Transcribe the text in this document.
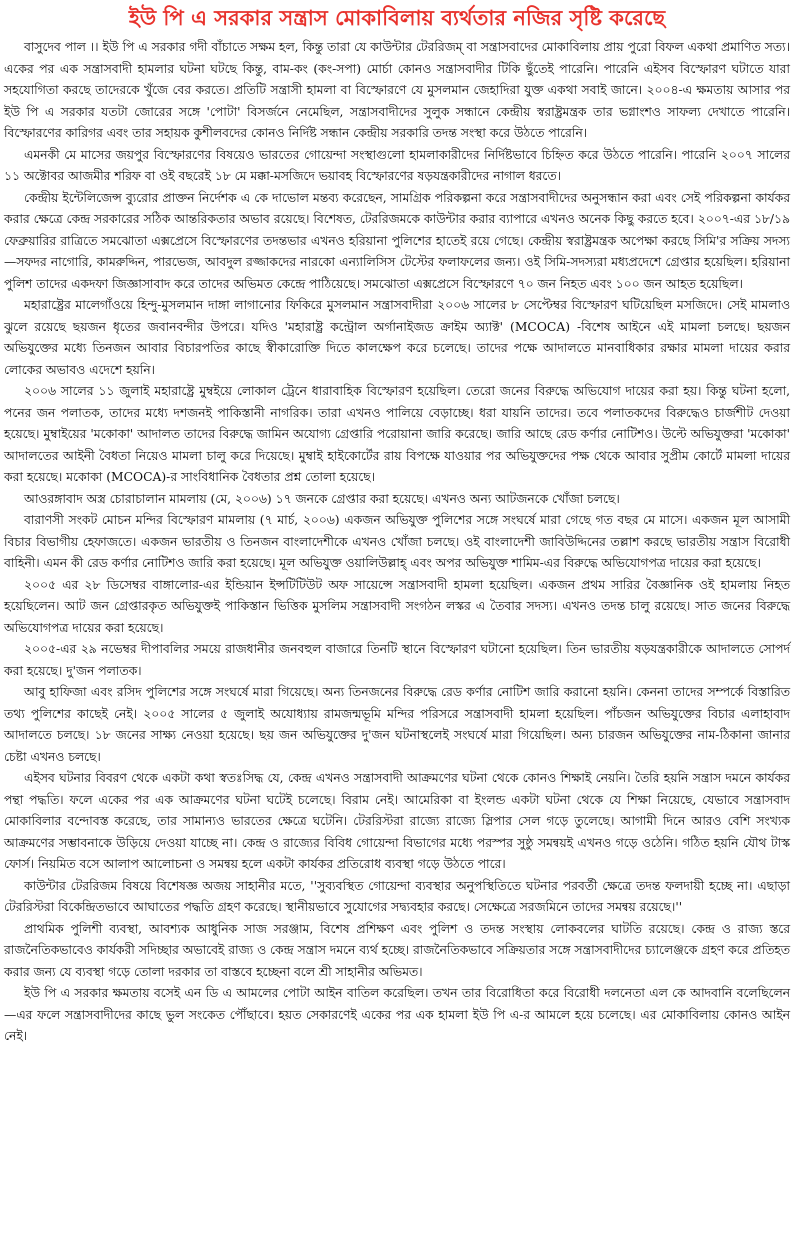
ইউ পি এ সরকার সন্ত্রাস মোকাবিলায় ব্যর্থতার নজির সৃষ্টি করেছে

বাসুদেব পাল ।। ইউ পি এ সরকার গদী বাঁচাতে সক্ষম হল, কিন্তু তারা যে কাউন্টার টেররিজম্ বা সন্ত্রাসবাদের মোকাবিলায় প্রায় পুরো বিফল একথা প্রমাণিত সত্য। একের পর এক সন্ত্রাসবাদী হামলার ঘটনা ঘটছে কিন্তু, বাম-কং (কং-সপা) মোর্চা কোনও সন্ত্রাসবাদীর টিকি ছুঁতেই পারেনি। পারেনি এইসব বিস্ফোরণ ঘটাতে যারা সহযোগিতা করছে তাদেরকে খুঁজে বের করতে। প্রতিটি সন্ত্রাসী হামলা বা বিস্ফোরণে যে মুসলমান জেহাদিরা যুক্ত একথা সবাই জানে। ২০০৪-এ ক্ষমতায় আসার পর ইউ পি এ সরকার যতটা জোরের সঙ্গে 'পোটা' বিসর্জনে নেমেছিল, সন্ত্রাসবাদীদের সুলুক সন্ধানে কেন্দ্রীয় স্বরাষ্ট্রমন্ত্রক তার ভগ্নাংশও সাফল্য দেখাতে পারেনি। বিস্ফোরণের কারিগর এবং তার সহায়ক কুশীলবদের কোনও নির্দিষ্ট সন্ধান কেন্দ্রীয় সরকারি তদন্ত সংস্থা করে উঠতে পারেনি।

এমনকী মে মাসের জয়পুর বিস্ফোরণের বিষয়েও ভারতের গোয়েন্দা সংস্থাগুলো হামলাকারীদের নির্দিষ্টভাবে চিহ্নিত করে উঠতে পারেনি। পারেনি ২০০৭ সালের ১১ অক্টোবর আজমীর শরিফ বা ওই বছরেই ১৮ মে মক্কা-মসজিদে ভয়াবহ বিস্ফোরণের ষড়যন্ত্রকারীদের নাগাল ধরতে।

কেন্দ্রীয় ইন্টেলিজেন্স ব্যুরোর প্রাক্তন নির্দেশক এ কে দাভোল মন্তব্য করেছেন, সামগ্রিক পরিকল্পনা করে সন্ত্রাসবাদীদের অনুসন্ধান করা এবং সেই পরিকল্পনা কার্যকর করার ক্ষেত্রে কেন্দ্র সরকারের সঠিক আন্তরিকতার অভাব রয়েছে। বিশেষত, টেররিজমকে কাউন্টার করার ব্যাপারে এখনও অনেক কিছু করতে হবে। ২০০৭-এর ১৮/১৯ ফেব্রুয়ারির রাত্রিতে সমঝোতা এক্সপ্রেসে বিস্ফোরণের তদন্তভার এখনও হরিয়ানা পুলিশের হাতেই রয়ে গেছে। কেন্দ্রীয় স্বরাষ্ট্রমন্ত্রক অপেক্ষা করছে সিমি'র সক্রিয় সদস্য—সফদর নাগোরি, কামরুদ্দিন, পারভেজ, আবদুল রজ্জাকদের নারকো এন্যালিসিস টেস্টের ফলাফলের জন্য। ওই সিমি-সদস্যরা মধ্যপ্রদেশে গ্রেপ্তার হয়েছিল। হরিয়ানা পুলিশ তাদের একদফা জিজ্ঞাসাবাদ করে তাদের অভিমত কেন্দ্রে পাঠিয়েছে। সমঝোতা এক্সপ্রেসে বিস্ফোরণে ৭০ জন নিহত এবং ১০০ জন আহত হয়েছিল।

মহারাষ্ট্রের মালেগাঁওয়ে হিন্দু-মুসলমান দাঙ্গা লাগানোর ফিকিরে মুসলমান সন্ত্রাসবাদীরা ২০০৬ সালের ৮ সেপ্টেম্বর বিস্ফোরণ ঘটিয়েছিল মসজিদে। সেই মামলাও ঝুলে রয়েছে ছয়জন ধৃতের জবানবন্দীর উপরে। যদিও 'মহারাষ্ট্র কন্ট্রোল অর্গানাইজড ক্রাইম অ্যাক্ট' (MCOCA) -বিশেষ আইনে এই মামলা চলছে। ছয়জন অভিযুক্তের মধ্যে তিনজন আবার বিচারপতির কাছে স্বীকারোক্তি দিতে কালক্ষেপ করে চলেছে। তাদের পক্ষে আদালতে মানবাধিকার রক্ষার মামলা দায়ের করার লোকের অভাবও এদেশে হয়নি।

২০০৬ সালের ১১ জুলাই মহারাষ্ট্রে মুম্বইয়ে লোকাল ট্রেনে ধারাবাহিক বিস্ফোরণ হয়েছিল। তেরো জনের বিরুদ্ধে অভিযোগ দায়ের করা হয়। কিন্তু ঘটনা হলো, পনের জন পলাতক, তাদের মধ্যে দশজনই পাকিস্তানী নাগরিক। তারা এখনও পালিয়ে বেড়াচ্ছে। ধরা যায়নি তাদের। তবে পলাতকদের বিরুদ্ধেও চার্জশীট দেওয়া হয়েছে। মুম্বাইয়ের 'মকোকা' আদালত তাদের বিরুদ্ধে জামিন অযোগ্য গ্রেপ্তারি পরোয়ানা জারি করেছে। জারি আছে রেড কর্ণার নোটিশও। উল্টে অভিযুক্তরা 'মকোকা' আদালতের আইনী বৈধতা নিয়েও মামলা চালু করে দিয়েছে। মুম্বাই হাইকোর্টের রায় বিপক্ষে যাওয়ার পর অভিযুক্তদের পক্ষ থেকে আবার সুপ্রীম কোর্টে মামলা দায়ের করা হয়েছে। মকোকা (MCOCA)-র সাংবিধানিক বৈধতার প্রশ্ন তোলা হয়েছে।

আওরঙ্গাবাদ অস্ত্র চোরাচালান মামলায় (মে, ২০০৬) ১৭ জনকে গ্রেপ্তার করা হয়েছে। এখনও অন্য আটজনকে খোঁজা চলছে।

বারাণসী সংকট মোচন মন্দির বিস্ফোরণ মামলায় (৭ মার্চ, ২০০৬) একজন অভিযুক্ত পুলিশের সঙ্গে সংঘর্ষে মারা গেছে গত বছর মে মাসে। একজন মূল আসামী বিচার বিভাগীয় হেফাজতে। একজন ভারতীয় ও তিনজন বাংলাদেশীকে এখনও খোঁজা চলছে। ওই বাংলাদেশী জাবিউদ্দিনের তল্লাশ করছে ভারতীয় সন্ত্রাস বিরোধী বাহিনী। এমন কী রেড কর্ণার নোটিশও জারি করা হয়েছে। মূল অভিযুক্ত ওয়ালিউল্লাহ্‌ এবং অপর অভিযুক্ত শামিম-এর বিরুদ্ধে অভিযোগপত্র দায়ের করা হয়েছে।

২০০৫ এর ২৮ ডিসেম্বর বাঙ্গালোর-এর ইন্ডিয়ান ইন্সটিটিউট অফ সায়েন্সে সন্ত্রাসবাদী হামলা হয়েছিল। একজন প্রথম সারির বৈজ্ঞানিক ওই হামলায় নিহত হয়েছিলেন। আট জন গ্রেপ্তারকৃত অভিযুক্তই পাকিস্তান ভিত্তিক মুসলিম সন্ত্রাসবাদী সংগঠন লস্কর এ তৈবার সদস্য। এখনও তদন্ত চালু রয়েছে। সাত জনের বিরুদ্ধে অভিযোগপত্র দায়ের করা হয়েছে।

২০০৫-এর ২৯ নভেম্বর দীপাবলির সময়ে রাজধানীর জনবহুল বাজারে তিনটি স্থানে বিস্ফোরণ ঘটানো হয়েছিল। তিন ভারতীয় ষড়যন্ত্রকারীকে আদালতে সোপর্দ করা হয়েছে। দু'জন পলাতক।

আবু হাফিজা এবং রসিদ পুলিশের সঙ্গে সংঘর্ষে মারা গিয়েছে। অন্য তিনজনের বিরুদ্ধে রেড কর্ণার নোটিশ জারি করানো হয়নি। কেননা তাদের সম্পর্কে বিস্তারিত তথ্য পুলিশের কাছেই নেই। ২০০৫ সালের ৫ জুলাই অযোধ্যায় রামজন্মভূমি মন্দির পরিসরে সন্ত্রাসবাদী হামলা হয়েছিল। পাঁচজন অভিযুক্তের বিচার এলাহাবাদ আদালতে চলছে। ১৮ জনের সাক্ষ্য নেওয়া হয়েছে। ছয় জন অভিযুক্তের দু'জন ঘটনাস্থলেই সংঘর্ষে মারা গিয়েছিল। অন্য চারজন অভিযুক্তের নাম-ঠিকানা জানার চেষ্টা এখনও চলছে।

এইসব ঘটনার বিবরণ থেকে একটা কথা স্বতঃসিদ্ধ যে, কেন্দ্র এখনও সন্ত্রাসবাদী আক্রমণের ঘটনা থেকে কোনও শিক্ষাই নেয়নি। তৈরি হয়নি সন্ত্রাস দমনে কার্যকর পন্থা পদ্ধতি। ফলে একের পর এক আক্রমণের ঘটনা ঘটেই চলেছে। বিরাম নেই। আমেরিকা বা ইংলন্ড একটা ঘটনা থেকে যে শিক্ষা নিয়েছে, যেভাবে সন্ত্রাসবাদ মোকাবিলার বন্দোবস্ত করেছে, তার সামান্যও ভারতের ক্ষেত্রে ঘটেনি। টেররিস্টরা রাজ্যে রাজ্যে স্লিপার সেল গড়ে তুলেছে। আগামী দিনে আরও বেশি সংখ্যক আক্রমণের সম্ভাবনাকে উড়িয়ে দেওয়া যাচ্ছে না। কেন্দ্র ও রাজ্যের বিবিধ গোয়েন্দা বিভাগের মধ্যে পরস্পর সুষ্ঠু সমন্বয়ই এখনও গড়ে ওঠেনি। গঠিত হয়নি যৌথ টাস্ক ফোর্স। নিয়মিত বসে আলাপ আলোচনা ও সমন্বয় হলে একটা কার্যকর প্রতিরোধ ব্যবস্থা গড়ে উঠতে পারে।

কাউন্টার টেররিজম বিষয়ে বিশেষজ্ঞ অজয় সাহানীর মতে, ''সুব্যবস্থিত গোয়েন্দা ব্যবস্থার অনুপস্থিতিতে ঘটনার পরবর্তী ক্ষেত্রে তদন্ত ফলদায়ী হচ্ছে না। এছাড়া টেররিস্টরা বিকেন্দ্রিতভাবে আঘাতের পদ্ধতি গ্রহণ করেছে। স্থানীয়ভাবে সুযোগের সদ্ব্যবহার করছে। সেক্ষেত্রে সরজমিনে তাদের সমন্বয় রয়েছে।''

প্রাথমিক পুলিশী ব্যবস্থা, আবশ্যক আধুনিক সাজ সরঞ্জাম, বিশেষ প্রশিক্ষণ এবং পুলিশ ও তদন্ত সংস্থায় লোকবলের ঘাটতি রয়েছে। কেন্দ্র ও রাজ্য স্তরে রাজনৈতিকভাবেও কার্যকরী সদিচ্ছার অভাবেই রাজ্য ও কেন্দ্র সন্ত্রাস দমনে ব্যর্থ হচ্ছে। রাজনৈতিকভাবে সক্রিয়তার সঙ্গে সন্ত্রাসবাদীদের চ্যালেঞ্জকে গ্রহণ করে প্রতিহত করার জন্য যে ব্যবস্থা গড়ে তোলা দরকার তা বাস্তবে হচ্ছেনা বলে শ্রী সাহানীর অভিমত।

ইউ পি এ সরকার ক্ষমতায় বসেই এন ডি এ আমলের পোটা আইন বাতিল করেছিল। তখন তার বিরোধিতা করে বিরোধী দলনেতা এল কে আদবানি বলেছিলেন—এর ফলে সন্ত্রাসবাদীদের কাছে ভুল সংকেত পৌঁছাবে। হয়ত সেকারণেই একের পর এক হামলা ইউ পি এ-র আমলে হয়ে চলেছে। এর মোকাবিলায় কোনও আইন নেই।
